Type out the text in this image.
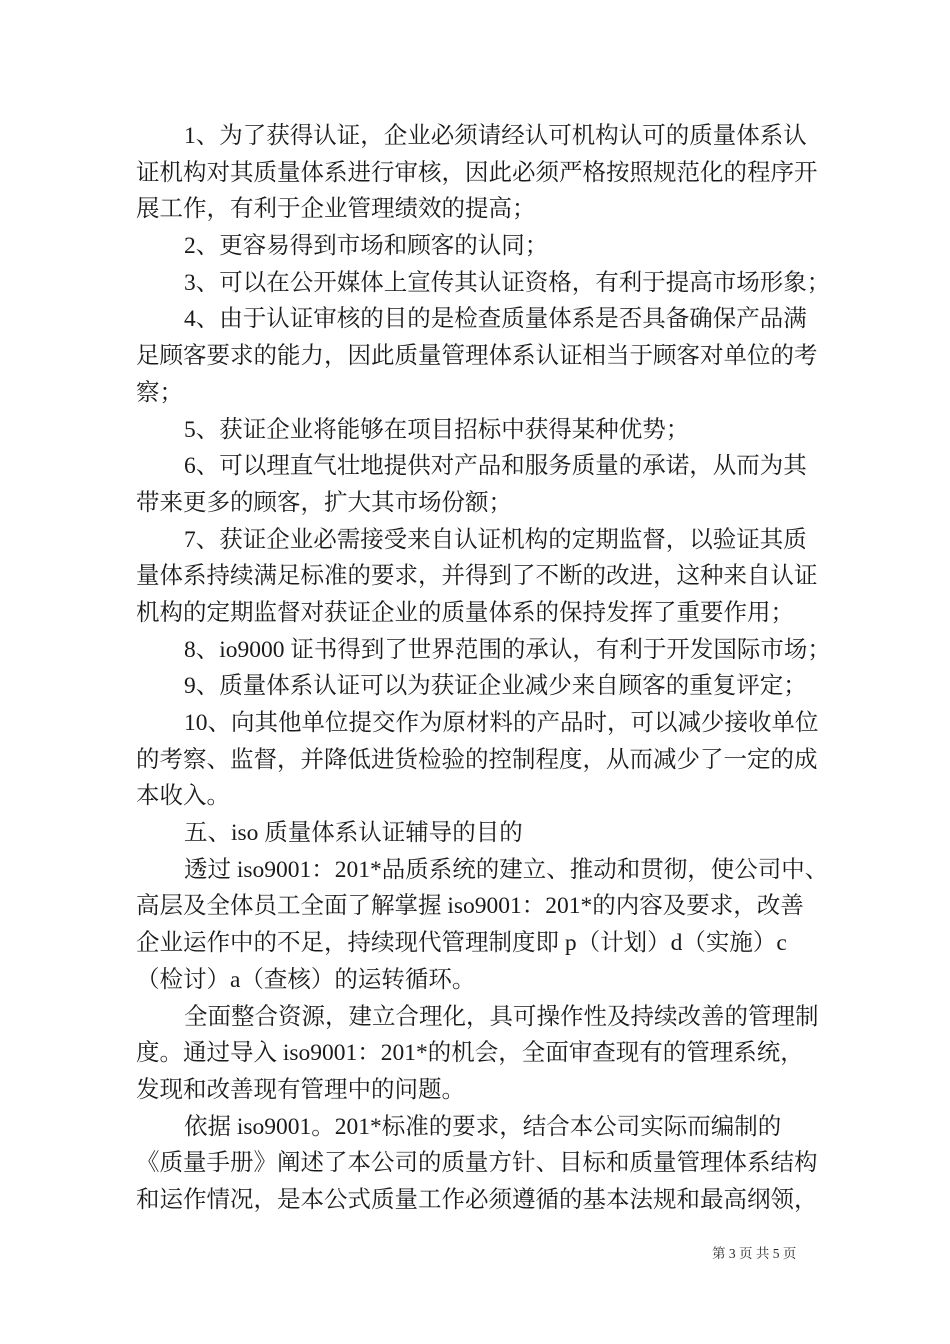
1、为了获得认证，企业必须请经认可机构认可的质量体系认
证机构对其质量体系进行审核，因此必须严格按照规范化的程序开
展工作，有利于企业管理绩效的提高；
2、更容易得到市场和顾客的认同；
3、可以在公开媒体上宣传其认证资格，有利于提高市场形象；
4、由于认证审核的目的是检查质量体系是否具备确保产品满
足顾客要求的能力，因此质量管理体系认证相当于顾客对单位的考
察；
5、获证企业将能够在项目招标中获得某种优势；
6、可以理直气壮地提供对产品和服务质量的承诺，从而为其
带来更多的顾客，扩大其市场份额；
7、获证企业必需接受来自认证机构的定期监督，以验证其质
量体系持续满足标准的要求，并得到了不断的改进，这种来自认证
机构的定期监督对获证企业的质量体系的保持发挥了重要作用；
8、io9000 证书得到了世界范围的承认，有利于开发国际市场；
9、质量体系认证可以为获证企业减少来自顾客的重复评定；
10、向其他单位提交作为原材料的产品时，可以减少接收单位
的考察、监督，并降低进货检验的控制程度，从而减少了一定的成
本收入。
五、iso 质量体系认证辅导的目的
透过 iso9001：201*品质系统的建立、推动和贯彻，使公司中、
高层及全体员工全面了解掌握 iso9001：201*的内容及要求，改善
企业运作中的不足，持续现代管理制度即 p（计划）d（实施）c
（检讨）a（查核）的运转循环。
全面整合资源，建立合理化，具可操作性及持续改善的管理制
度。通过导入 iso9001：201*的机会，全面审查现有的管理系统，
发现和改善现有管理中的问题。
依据 iso9001。201*标准的要求，结合本公司实际而编制的
《质量手册》阐述了本公司的质量方针、目标和质量管理体系结构
和运作情况，是本公式质量工作必须遵循的基本法规和最高纲领，
第 3 页 共 5 页
